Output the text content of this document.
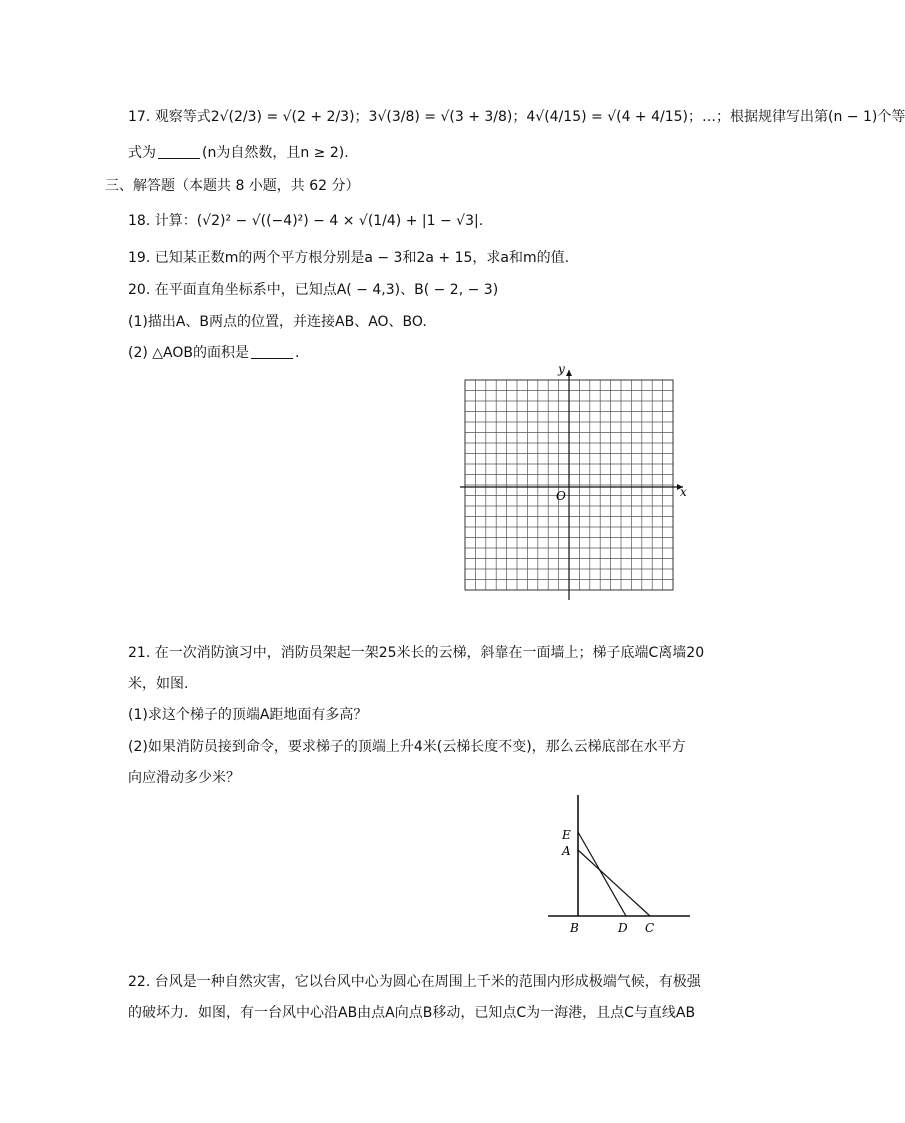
17. 观察等式2√(2/3) = √(2 + 2/3)；3√(3/8) = √(3 + 3/8)；4√(4/15) = √(4 + 4/15)；…；根据规律写出第(n − 1)个等
式为	(n为自然数，且n ≥ 2).
三、解答题（本题共 8 小题，共 62 分）
18. 计算：(√2)² − √((−4)²) − 4 × √(1/4) + |1 − √3|.
19. 已知某正数m的两个平方根分别是a − 3和2a + 15，求a和m的值.
20. 在平面直角坐标系中，已知点A( − 4,3)、B( − 2, − 3)
(1)描出A、B两点的位置，并连接AB、AO、BO.
(2) △AOB的面积是	.
y
x
O
21. 在一次消防演习中，消防员架起一架25米长的云梯，斜靠在一面墙上；梯子底端C离墙20
米，如图.
(1)求这个梯子的顶端A距地面有多高？
(2)如果消防员接到命令，要求梯子的顶端上升4米(云梯长度不变)，那么云梯底部在水平方
向应滑动多少米？
E
A
B	D C
22. 台风是一种自然灾害，它以台风中心为圆心在周围上千米的范围内形成极端气候，有极强
的破坏力．如图，有一台风中心沿AB由点A向点B移动，已知点C为一海港，且点C与直线AB
